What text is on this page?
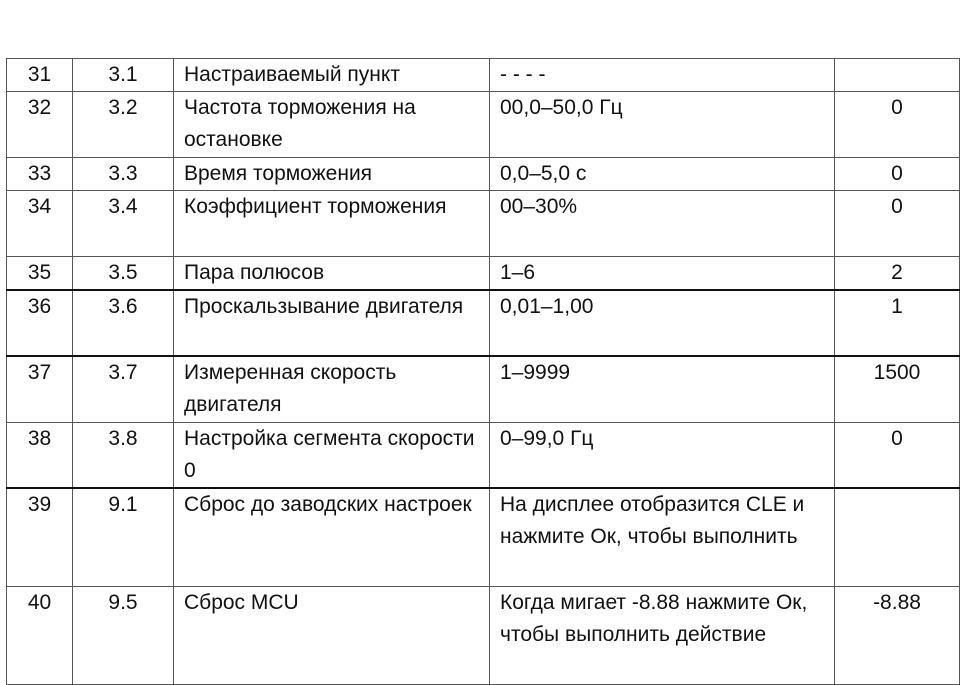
31	3.1	Настраиваемый пункт	- - - -	
32	3.2	Частота торможения на остановке	00,0–50,0 Гц	0
33	3.3	Время торможения	0,0–5,0 с	0
34	3.4	Коэффициент торможения	00–30%	0
35	3.5	Пара полюсов	1–6	2
36	3.6	Проскальзывание двигателя	0,01–1,00	1
37	3.7	Измеренная скорость двигателя	1–9999	1500
38	3.8	Настройка сегмента скорости 0	0–99,0 Гц	0
39	9.1	Сброс до заводских настроек	На дисплее отобразится CLE и нажмите Ок, чтобы выполнить	
40	9.5	Сброс MCU	Когда мигает -8.88 нажмите Ок, чтобы выполнить действие	-8.88
